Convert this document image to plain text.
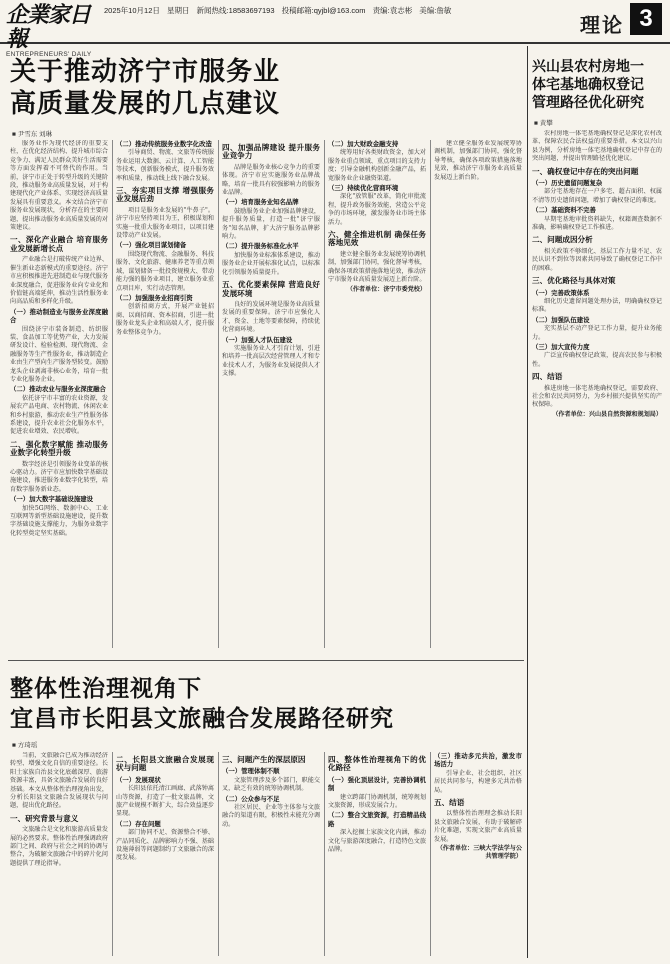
企業家日報
ENTREPRENEURS' DAILY
2025年10月12日 星期日 新闻热线:18583697193 投稿邮箱:qyjbl@163.com 责编:袁志彬 美编:詹敏
理论 3
关于推动济宁市服务业
高质量发展的几点建议
■ 尹雪东 刘琳

服务业作为现代经济的重要支柱，在优化经济结构、提升城市综合竞争力、满足人民群众美好生活需要等方面发挥着不可替代的作用。当前，济宁市正处于转型升级的关键阶段，推动服务业高质量发展，对于构建现代化产业体系、实现经济高质量发展具有重要意义。本文结合济宁市服务业发展现状，分析存在的主要问题，提出推动服务业高质量发展的对策建议。

一、深化产业融合 培育服务业发展新增长点

产业融合是打破传统产业边界、催生新业态新模式的重要途径。济宁市应积极推进先进制造业与现代服务业深度融合，促进服务业向专业化和价值链高端延伸，推动生活性服务业向高品质和多样化升级。

（一）推动制造业与服务业深度融合

围绕济宁市装备制造、纺织服装、食品加工等优势产业，大力发展研发设计、检验检测、现代物流、金融服务等生产性服务业，推动制造企业由生产型向生产服务型转变。鼓励龙头企业剥离非核心业务，培育一批专业化服务企业。

（二）推动农业与服务业深度融合

依托济宁市丰富的农业资源，发展农产品电商、农村物流、休闲农业和乡村旅游，推动农业生产性服务体系建设，提升农业社会化服务水平，促进农业增效、农民增收。

二、强化数字赋能 推动服务业数字化转型升级

数字经济是引领服务业变革的核心驱动力。济宁市应加快数字基础设施建设，推进服务业数字化转型，培育数字服务新业态。

（一）加大数字基础设施建设

加快5G网络、数据中心、工业互联网等新型基础设施建设，提升数字基础设施支撑能力，为服务业数字化转型奠定坚实基础。

（二）推动传统服务业数字化改造

引导商贸、物流、文旅等传统服务业运用大数据、云计算、人工智能等技术，创新服务模式，提升服务效率和质量，推动线上线下融合发展。

三、夯实项目支撑 增强服务业发展后劲

项目是服务业发展的"牛鼻子"。济宁市应坚持项目为王，积极谋划和实施一批重大服务业项目，以项目建设带动产业发展。

（一）强化项目谋划储备

围绕现代物流、金融服务、科技服务、文化旅游、健康养老等重点领域，谋划储备一批投资规模大、带动能力强的服务业项目，建立服务业重点项目库，实行动态管理。

（二）加强服务业招商引资

创新招商方式，开展产业链招商、以商招商、资本招商，引进一批服务业龙头企业和高端人才，提升服务业整体竞争力。

四、加强品牌建设 提升服务业竞争力

品牌是服务业核心竞争力的重要体现。济宁市应实施服务业品牌战略，培育一批具有较强影响力的服务业品牌。

（一）培育服务业知名品牌

鼓励服务业企业加强品牌建设，提升服务质量，打造一批"济宁服务"知名品牌，扩大济宁服务品牌影响力。

（二）提升服务标准化水平

加快服务业标准体系建设，推动服务业企业开展标准化试点，以标准化引领服务质量提升。

五、优化要素保障 营造良好发展环境

良好的发展环境是服务业高质量发展的重要保障。济宁市应强化人才、资金、土地等要素保障，持续优化营商环境。

（一）加强人才队伍建设

实施服务业人才引育计划，引进和培养一批高层次经营管理人才和专业技术人才，为服务业发展提供人才支撑。

（二）加大财政金融支持

统筹用好各类财政资金，加大对服务业重点领域、重点项目的支持力度；引导金融机构创新金融产品，拓宽服务业企业融资渠道。

（三）持续优化营商环境

深化"放管服"改革，简化审批流程，提升政务服务效能，营造公平竞争的市场环境，激发服务业市场主体活力。

六、健全推进机制 确保任务落地见效

建立健全服务业发展统筹协调机制，加强部门协同，强化督导考核，确保各项政策措施落地见效，推动济宁市服务业高质量发展迈上新台阶。

（作者单位：济宁市委党校）

建立健全服务业发展统筹协调机制，加强部门协同，强化督导考核，确保各项政策措施落地见效，推动济宁市服务业高质量发展迈上新台阶。

整体性治理视角下
宜昌市长阳县文旅融合发展路径研究
■ 方琦瑶

当前，文旅融合已成为推动经济转型、增强文化自信的重要途径。长阳土家族自治县文化底蕴深厚、旅游资源丰富，具备文旅融合发展的良好基础。本文从整体性治理视角出发，分析长阳县文旅融合发展现状与问题，提出优化路径。

一、研究背景与意义

文旅融合是文化和旅游高质量发展的必然要求。整体性治理强调政府部门之间、政府与社会之间的协调与整合，为破解文旅融合中的碎片化问题提供了理论指导。

二、长阳县文旅融合发展现状与问题

（一）发展现状

长阳县依托清江画廊、武落钟离山等资源，打造了一批文旅品牌，文旅产业规模不断扩大，综合效益逐步显现。

（二）存在问题

部门协同不足、资源整合不够、产品同质化、品牌影响力不强、基础设施薄弱等问题制约了文旅融合的深度发展。

三、问题产生的深层原因

（一）管理体制不顺

文旅管理涉及多个部门，职能交叉，缺乏有效的统筹协调机制。

（二）公众参与不足

社区居民、企业等主体参与文旅融合的渠道有限，积极性未能充分调动。

四、整体性治理视角下的优化路径

（一）强化顶层设计，完善协调机制

建立跨部门协调机制，统筹规划文旅资源，形成发展合力。

（二）整合文旅资源，打造精品线路

深入挖掘土家族文化内涵，推动文化与旅游深度融合，打造特色文旅品牌。

（三）推动多元共治，激发市场活力

引导企业、社会组织、社区居民共同参与，构建多元共治格局。

五、结语

以整体性治理理念推动长阳县文旅融合发展，有助于破解碎片化难题，实现文旅产业高质量发展。

（作者单位：三峡大学法学与公共管理学院）

兴山县农村房地一
体宅基地确权登记
管理路径优化研究
■ 黄攀

农村房地一体宅基地确权登记是深化农村改革、保障农民合法权益的重要举措。本文以兴山县为例，分析房地一体宅基地确权登记中存在的突出问题，并提出管理路径优化建议。

一、确权登记中存在的突出问题

（一）历史遗留问题复杂

部分宅基地存在一户多宅、超占面积、权属不清等历史遗留问题，增加了确权登记的难度。

（二）基础资料不完善

早期宅基地审批资料缺失，权籍调查数据不准确，影响确权登记工作推进。

二、问题成因分析

相关政策不够细化、基层工作力量不足、农民认识不到位等因素共同导致了确权登记工作中的困难。

三、优化路径与具体对策

（一）完善政策体系

细化历史遗留问题处理办法，明确确权登记标准。

（二）加强队伍建设

充实基层不动产登记工作力量，提升业务能力。

（三）加大宣传力度

广泛宣传确权登记政策，提高农民参与积极性。

四、结语

推进房地一体宅基地确权登记，需要政府、社会和农民共同努力，为乡村振兴提供坚实的产权保障。

（作者单位：兴山县自然资源和规划局）
